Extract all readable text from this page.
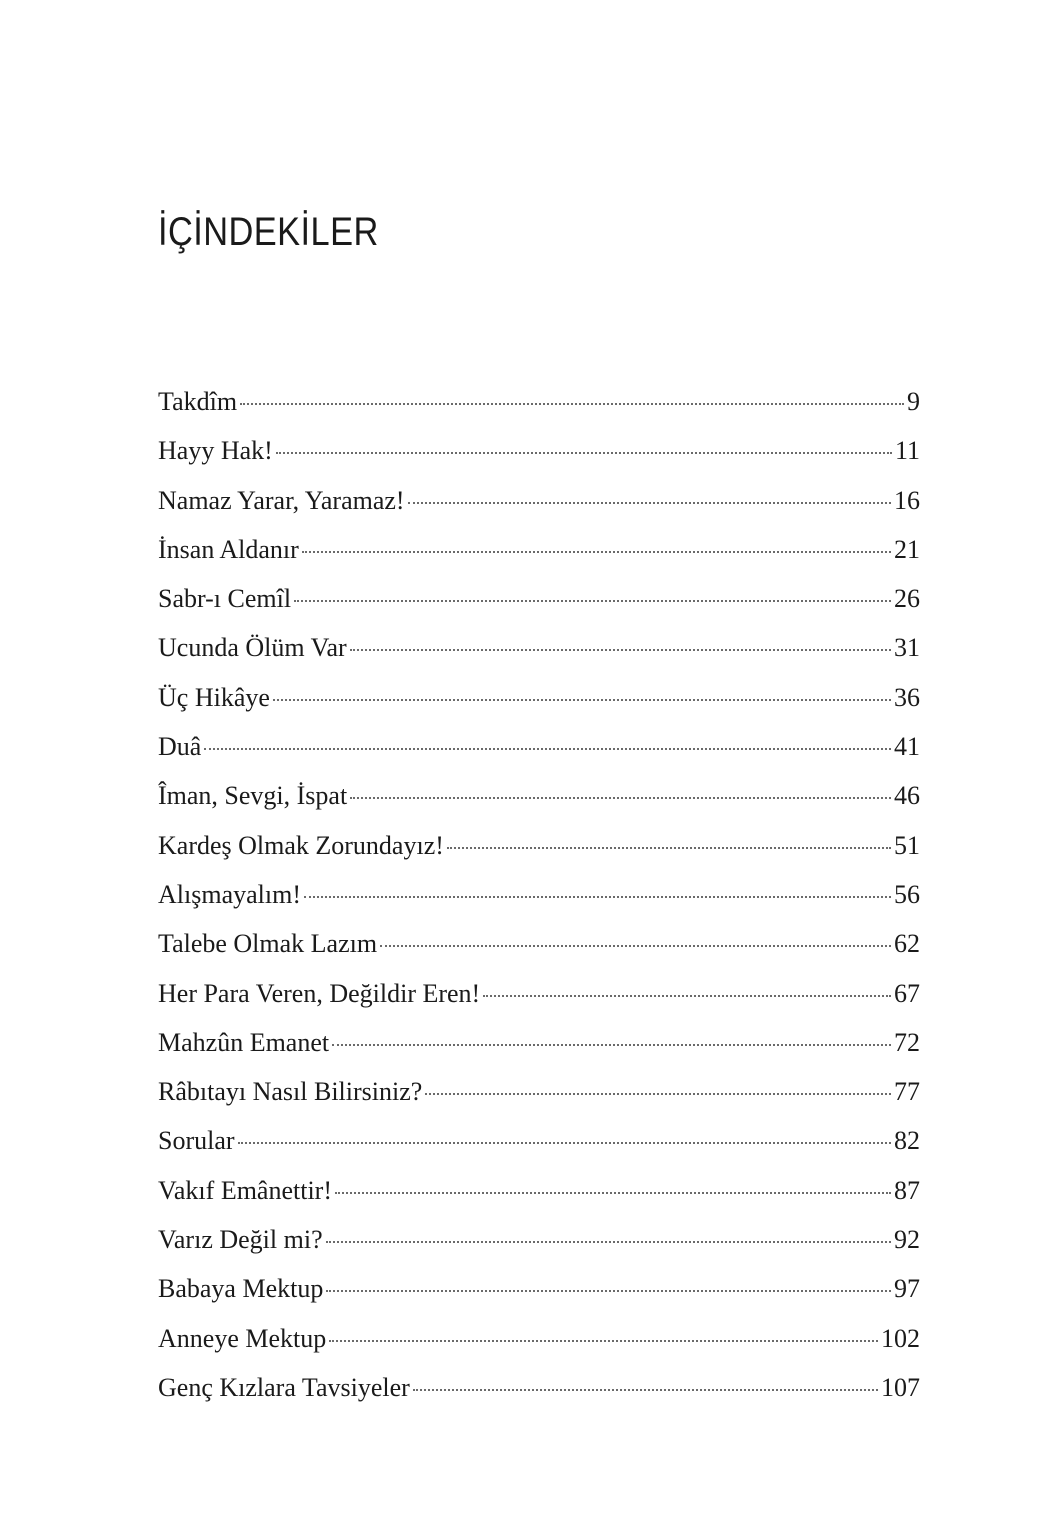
İÇİNDEKİLER
Takdîm	9
Hayy Hak!	11
Namaz Yarar, Yaramaz!	16
İnsan Aldanır	21
Sabr-ı Cemîl	26
Ucunda Ölüm Var	31
Üç Hikâye	36
Duâ	41
Îman, Sevgi, İspat	46
Kardeş Olmak Zorundayız!	51
Alışmayalım!	56
Talebe Olmak Lazım	62
Her Para Veren, Değildir Eren!	67
Mahzûn Emanet	72
Râbıtayı Nasıl Bilirsiniz?	77
Sorular	82
Vakıf Emânettir!	87
Varız Değil mi?	92
Babaya Mektup	97
Anneye Mektup	102
Genç Kızlara Tavsiyeler	107
